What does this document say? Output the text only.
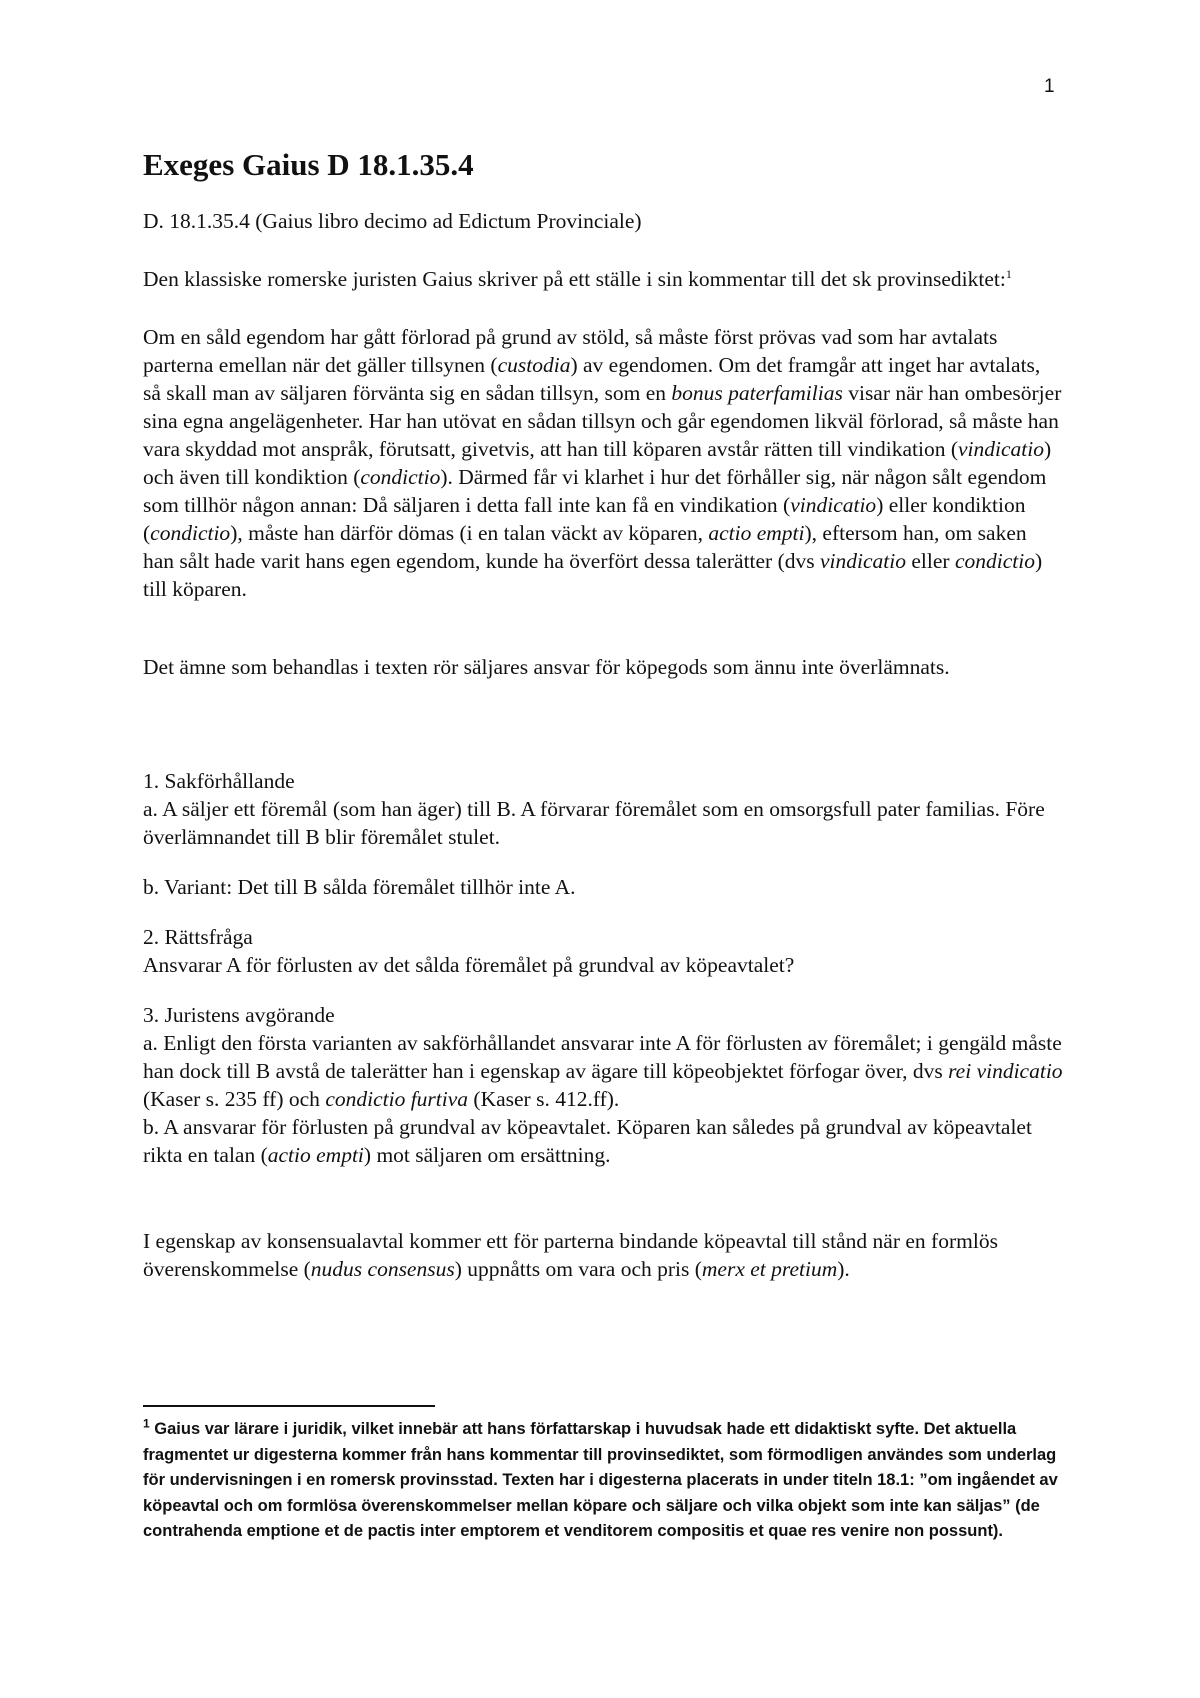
1
Exeges Gaius D 18.1.35.4

D. 18.1.35.4 (Gaius libro decimo ad Edictum Provinciale)

Den klassiske romerske juristen Gaius skriver på ett ställe i sin kommentar till det sk provinsediktet:$^1$

Om en såld egendom har gått förlorad på grund av stöld, så måste först prövas vad som har avtalats parterna emellan när det gäller tillsynen (custodia) av egendomen. Om det framgår att inget har avtalats, så skall man av säljaren förvänta sig en sådan tillsyn, som en bonus paterfamilias visar när han ombesörjer sina egna angelägenheter. Har han utövat en sådan tillsyn och går egendomen likväl förlorad, så måste han vara skyddad mot anspråk, förutsatt, givetvis, att han till köparen avstår rätten till vindikation (vindicatio) och även till kondiktion (condictio). Därmed får vi klarhet i hur det förhåller sig, när någon sålt egendom som tillhör någon annan: Då säljaren i detta fall inte kan få en vindikation (vindicatio) eller kondiktion (condictio), måste han därför dömas (i en talan väckt av köparen, actio empti), eftersom han, om saken han sålt hade varit hans egen egendom, kunde ha överfört dessa talerätter (dvs vindicatio eller condictio) till köparen.

Det ämne som behandlas i texten rör säljares ansvar för köpegods som ännu inte överlämnats.

1. Sakförhållande

a. A säljer ett föremål (som han äger) till B. A förvarar föremålet som en omsorgsfull pater familias. Före överlämnandet till B blir föremålet stulet.

b. Variant: Det till B sålda föremålet tillhör inte A.

2. Rättsfråga

Ansvarar A för förlusten av det sålda föremålet på grundval av köpeavtalet?

3. Juristens avgörande

a. Enligt den första varianten av sakförhållandet ansvarar inte A för förlusten av föremålet; i gengäld måste han dock till B avstå de talerätter han i egenskap av ägare till köpeobjektet förfogar över, dvs rei vindicatio (Kaser s. 235 ff) och condictio furtiva (Kaser s. 412.ff).

b. A ansvarar för förlusten på grundval av köpeavtalet. Köparen kan således på grundval av köpeavtalet rikta en talan (actio empti) mot säljaren om ersättning.

I egenskap av konsensualavtal kommer ett för parterna bindande köpeavtal till stånd när en formlös överenskommelse (nudus consensus) uppnåtts om vara och pris (merx et pretium).

$^1$ Gaius var lärare i juridik, vilket innebär att hans författarskap i huvudsak hade ett didaktiskt syfte. Det aktuella fragmentet ur digesterna kommer från hans kommentar till provinsediktet, som förmodligen användes som underlag för undervisningen i en romersk provinsstad. Texten har i digesterna placerats in under titeln 18.1: ”om ingåendet av köpeavtal och om formlösa överenskommelser mellan köpare och säljare och vilka objekt som inte kan säljas” (de contrahenda emptione et de pactis inter emptorem et venditorem compositis et quae res venire non possunt).
